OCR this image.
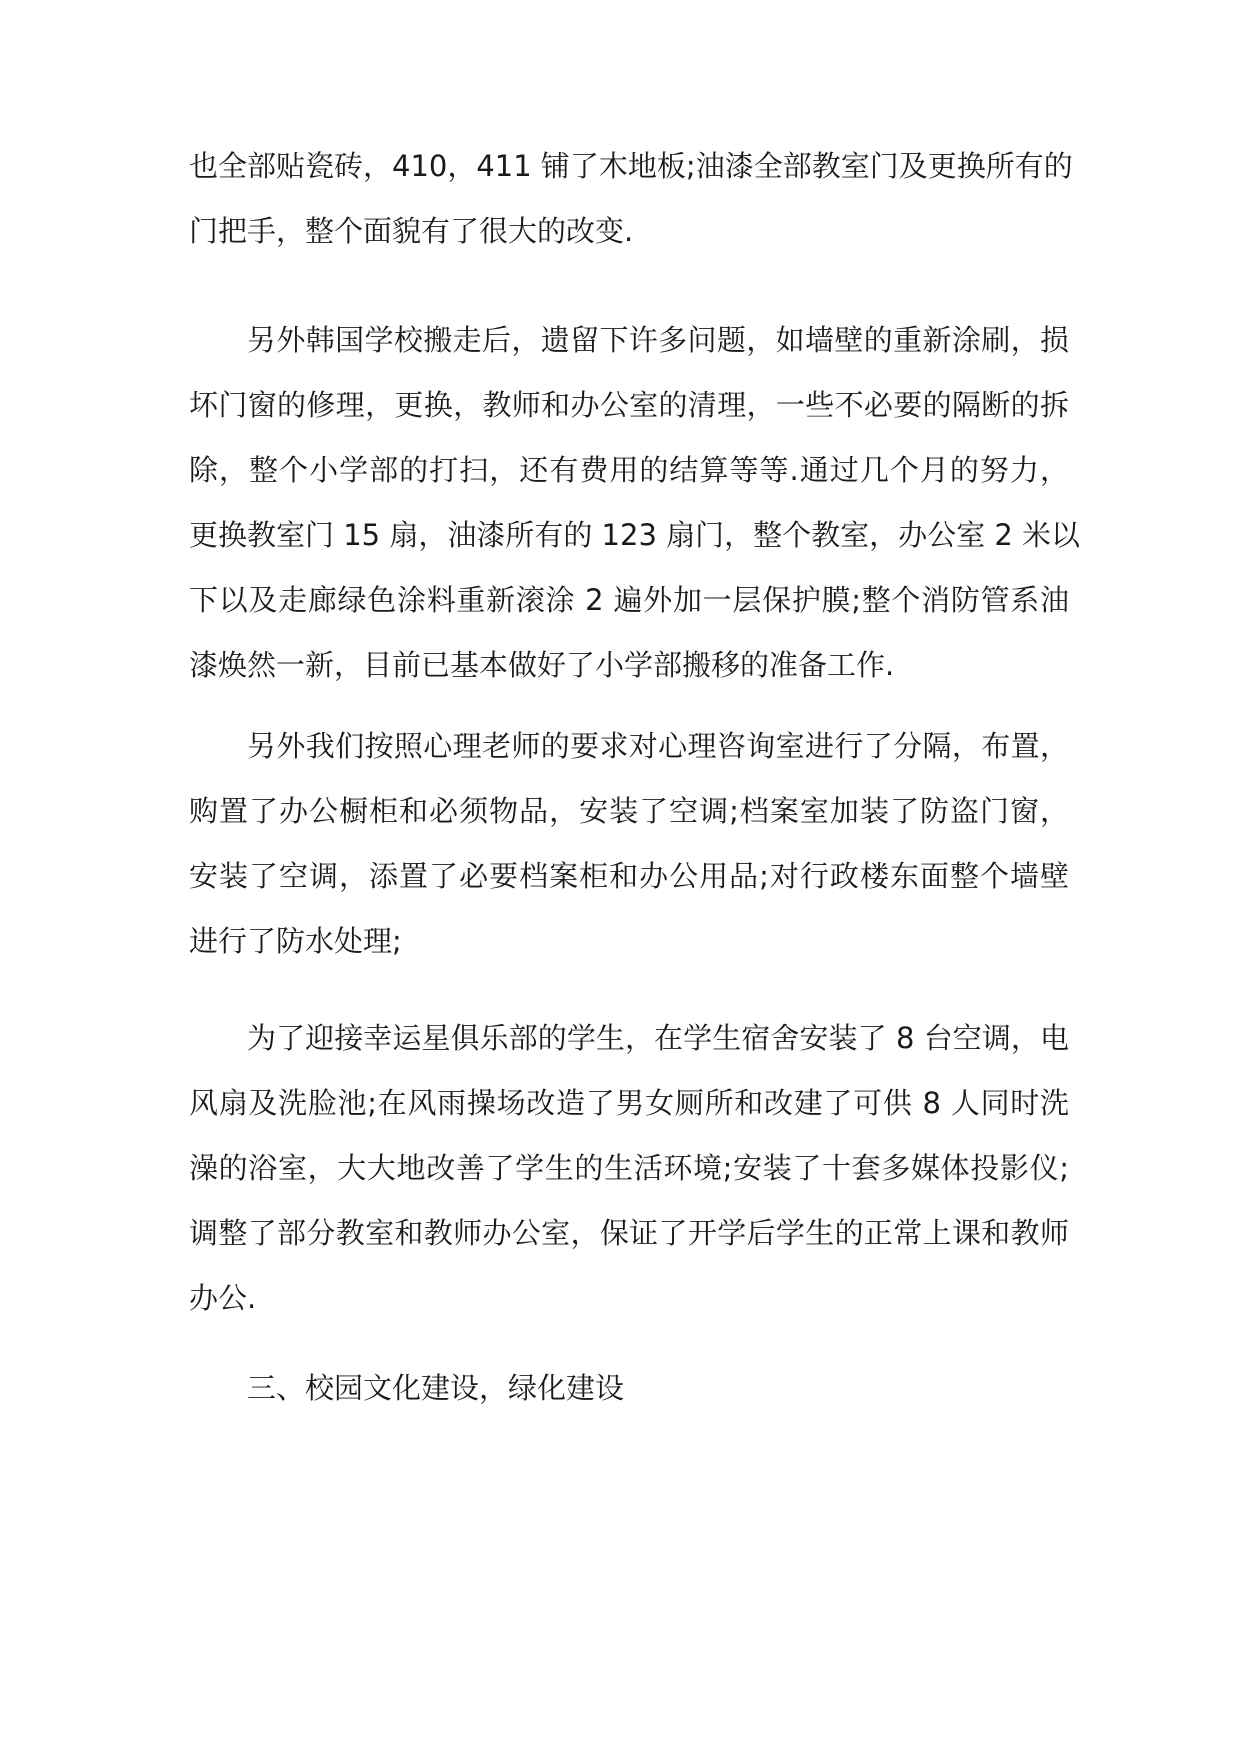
也全部贴瓷砖，410，411 铺了木地板;油漆全部教室门及更换所有的
门把手，整个面貌有了很大的改变.
另外韩国学校搬走后，遗留下许多问题，如墙壁的重新涂刷，损
坏门窗的修理，更换，教师和办公室的清理，一些不必要的隔断的拆
除，整个小学部的打扫，还有费用的结算等等.通过几个月的努力，
更换教室门 15 扇，油漆所有的 123 扇门，整个教室，办公室 2 米以
下以及走廊绿色涂料重新滚涂 2 遍外加一层保护膜;整个消防管系油
漆焕然一新，目前已基本做好了小学部搬移的准备工作.
另外我们按照心理老师的要求对心理咨询室进行了分隔，布置，
购置了办公橱柜和必须物品，安装了空调;档案室加装了防盗门窗，
安装了空调，添置了必要档案柜和办公用品;对行政楼东面整个墙壁
进行了防水处理;
为了迎接幸运星俱乐部的学生，在学生宿舍安装了 8 台空调，电
风扇及洗脸池;在风雨操场改造了男女厕所和改建了可供 8 人同时洗
澡的浴室，大大地改善了学生的生活环境;安装了十套多媒体投影仪;
调整了部分教室和教师办公室，保证了开学后学生的正常上课和教师
办公.
三、校园文化建设，绿化建设
